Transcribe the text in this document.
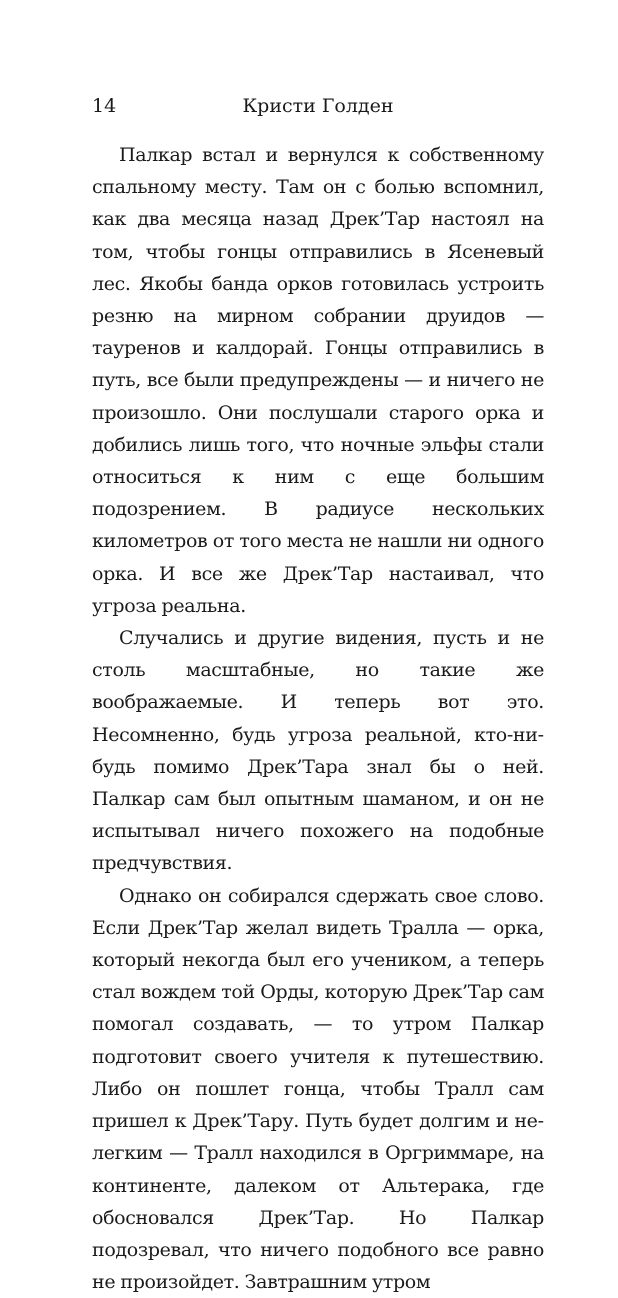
14	Кристи Голден

Палкар встал и вернулся к собственному спальному месту. Там он с болью вспомнил, как два месяца назад Дрек’Тар настоял на том, чтобы гонцы отправились в Ясеневый лес. Якобы банда орков готовилась устроить резню на мирном собрании друидов — тауренов и калдорай. Гонцы отправились в путь, все были предупреждены — и ничего не произошло. Они послушали старого орка и добились лишь того, что ночные эльфы стали относиться к ним с еще большим подозрением. В радиусе нескольких километров от того места не нашли ни одного орка. И все же Дрек’Тар настаивал, что угроза реальна.

Случались и другие видения, пусть и не столь масштабные, но такие же воображаемые. И теперь вот это. Несомненно, будь угроза реальной, кто-нибудь помимо Дрек’Тара знал бы о ней. Палкар сам был опытным шаманом, и он не испытывал ничего похожего на подобные предчувствия.

Однако он собирался сдержать свое слово. Если Дрек’Тар желал видеть Тралла — орка, который некогда был его учеником, а теперь стал вождем той Орды, которую Дрек’Тар сам помогал создавать, — то утром Палкар подготовит своего учителя к путешествию. Либо он пошлет гонца, чтобы Тралл сам пришел к Дрек’Тару. Путь будет долгим и нелегким — Тралл находился в Оргриммаре, на континенте, далеком от Альтерака, где обосновался Дрек’Тар. Но Палкар подозревал, что ничего подобного все равно не произойдет. Завтрашним утром
